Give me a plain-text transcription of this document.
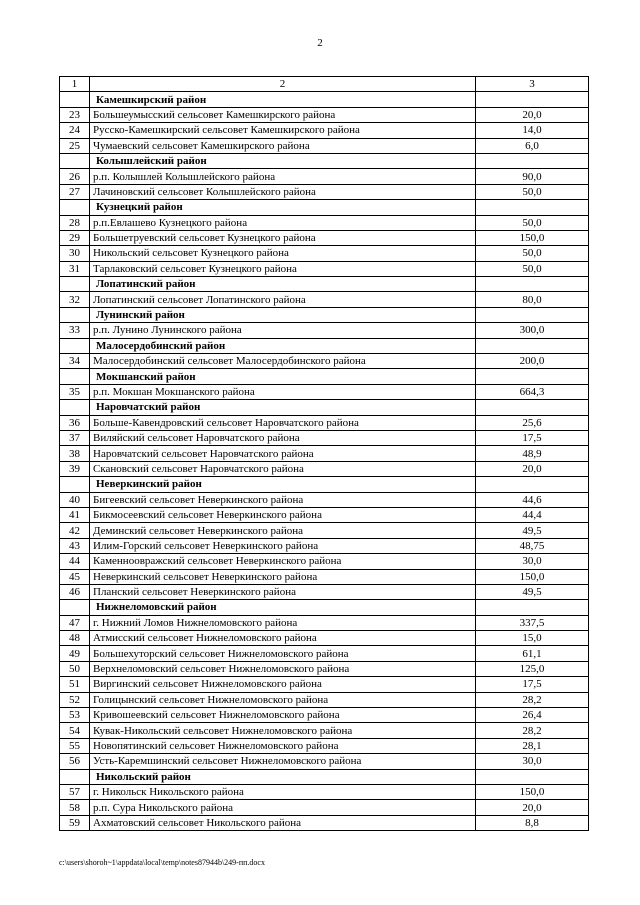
2
1	2	3
	Камешкирский район	
23	Большеумысский сельсовет Камешкирского района	20,0
24	Русско-Камешкирский сельсовет Камешкирского района	14,0
25	Чумаевский сельсовет Камешкирского района	6,0
	Колышлейский район	
26	р.п. Колышлей Колышлейского района	90,0
27	Лачиновский сельсовет Колышлейского района	50,0
	Кузнецкий район	
28	р.п.Евлашево Кузнецкого района	50,0
29	Большетруевский сельсовет Кузнецкого района	150,0
30	Никольский сельсовет Кузнецкого района	50,0
31	Тарлаковский сельсовет Кузнецкого района	50,0
	Лопатинский район	
32	Лопатинский сельсовет Лопатинского района	80,0
	Лунинский район	
33	р.п. Лунино Лунинского района	300,0
	Малосердобинский район	
34	Малосердобинский сельсовет Малосердобинского района	200,0
	Мокшанский район	
35	р.п. Мокшан Мокшанского района	664,3
	Наровчатский район	
36	Больше-Кавендровский сельсовет Наровчатского района	25,6
37	Виляйский сельсовет Наровчатского района	17,5
38	Наровчатский сельсовет Наровчатского района	48,9
39	Скановский сельсовет Наровчатского района	20,0
	Неверкинский район	
40	Бигеевский сельсовет Неверкинского района	44,6
41	Бикмосеевский сельсовет Неверкинского района	44,4
42	Деминский сельсовет Неверкинского района	49,5
43	Илим-Горский сельсовет Неверкинского района	48,75
44	Каменноовражский сельсовет Неверкинского района	30,0
45	Неверкинский сельсовет Неверкинского района	150,0
46	Планский сельсовет Неверкинского района	49,5
	Нижнеломовский район	
47	г. Нижний Ломов Нижнеломовского района	337,5
48	Атмисский сельсовет Нижнеломовского района	15,0
49	Большехуторский сельсовет Нижнеломовского района	61,1
50	Верхнеломовский сельсовет Нижнеломовского района	125,0
51	Виргинский сельсовет Нижнеломовского района	17,5
52	Голицынский сельсовет Нижнеломовского района	28,2
53	Кривошеевский сельсовет Нижнеломовского района	26,4
54	Кувак-Никольский сельсовет Нижнеломовского района	28,2
55	Новопятинский сельсовет Нижнеломовского района	28,1
56	Усть-Каремшинский сельсовет Нижнеломовского района	30,0
	Никольский район	
57	г. Никольск Никольского района	150,0
58	р.п. Сура Никольского района	20,0
59	Ахматовский сельсовет Никольского района	8,8
c:\users\shoroh~1\appdata\local\temp\notes87944b\249-пп.docx
